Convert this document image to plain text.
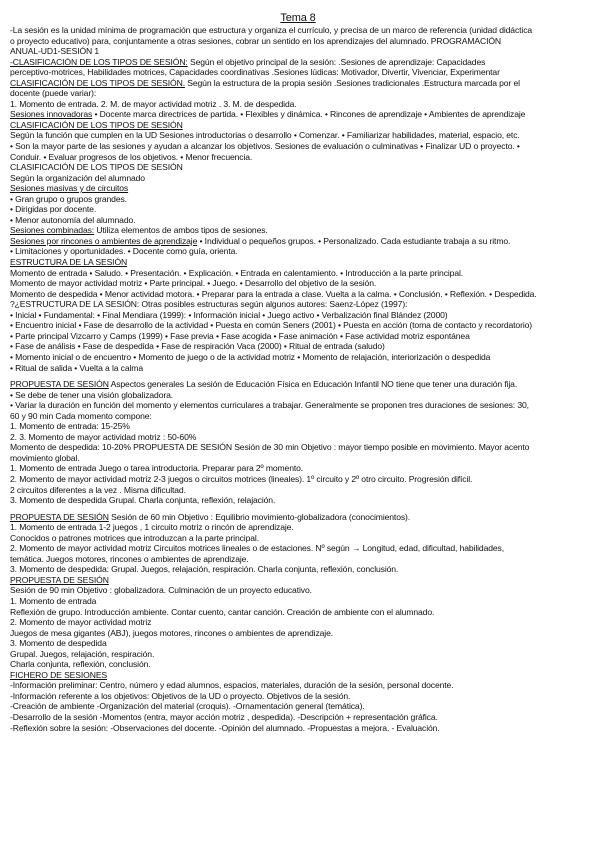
Tema 8
-La sesión es la unidad mínima de programación que estructura y organiza el currículo, y precisa de un marco de referencia (unidad didáctica
o proyecto educativo) para, conjuntamente a otras sesiones, cobrar un sentido en los aprendizajes del alumnado. PROGRAMACIÓN
ANUAL-UD1-SESIÓN 1
-CLASIFICACIÓN DE LOS TIPOS DE SESIÓN: Según el objetivo principal de la sesión: .Sesiones de aprendizaje: Capacidades
perceptivo-motrices, Habilidades motrices, Capacidades coordinativas .Sesiones lúdicas: Motivador, Divertir, Vivenciar, Experimentar
CLASIFICACIÓN DE LOS TIPOS DE SESIÓN. Según la estructura de la propia sesión .Sesiones tradicionales .Estructura marcada por el
docente (puede variar):
1. Momento de entrada. 2. M. de mayor actividad motriz . 3. M. de despedida.
Sesiones innovadoras • Docente marca directrices de partida. • Flexibles y dinámica. • Rincones de aprendizaje • Ambientes de aprendizaje
CLASIFICACIÓN DE LOS TIPOS DE SESIÓN
Según la función que cumplen en la UD Sesiones introductorias o desarrollo • Comenzar. • Familiarizar habilidades, material, espacio, etc.
• Son la mayor parte de las sesiones y ayudan a alcanzar los objetivos. Sesiones de evaluación o culminativas • Finalizar UD o proyecto. •
Conduir. • Evaluar progresos de los objetivos. • Menor frecuencia.
CLASIFICACIÓN DE LOS TIPOS DE SESIÓN
Según la organización del alumnado
Sesiones masivas y de circuitos
• Gran grupo o grupos grandes.
• Dirigidas por docente.
• Menor autonomía del alumnado.
Sesiones combinadas: Utiliza elementos de ambos tipos de sesiones.
Sesiones por rincones o ambientes de aprendizaje • Individual o pequeños grupos. • Personalizado. Cada estudiante trabaja a su ritmo.
• Limitaciones y oportunidades. • Docente como guía, orienta.
ESTRUCTURA DE LA SESIÓN
Momento de entrada • Saludo. • Presentación. • Explicación. • Entrada en calentamiento. • Introducción a la parte principal.
Momento de mayor actividad motriz • Parte principal. • Juego. • Desarrollo del objetivo de la sesión.
Momento de despedida • Menor actividad motora. • Preparar para la entrada a clase. Vuelta a la calma. • Conclusión. • Reflexión. • Despedida.
?¿ESTRUCTURA DE LA SESIÓN: Otras posibles estructuras según algunos autores: Saenz-López (1997):
• Inicial • Fundamental: • Final Mendiara (1999): • Información inicial • Juego activo • Verbalización final Blández (2000)
• Encuentro inicial • Fase de desarrollo de la actividad • Puesta en común Seners (2001) • Puesta en acción (toma de contacto y recordatorio)
• Parte principal Vizcarro y Camps (1999) • Fase previa • Fase acogida • Fase animación • Fase actividad motriz espontánea
• Fase de análisis • Fase de despedida • Fase de respiración Vaca (2000) • Ritual de entrada (saludo)
• Momento inicial o de encuentro • Momento de juego o de la actividad motriz • Momento de relajación, interiorización o despedida
• Ritual de salida • Vuelta a la calma
PROPUESTA DE SESIÓN Aspectos generales La sesión de Educación Física en Educación Infantil NO tiene que tener una duración fija.
• Se debe de tener una visión globalizadora.
• Variar la duración en función del momento y elementos curriculares a trabajar. Generalmente se proponen tres duraciones de sesiones: 30,
60 y 90 min Cada momento compone:
1. Momento de entrada: 15-25%
2. 3. Momento de mayor actividad motriz : 50-60%
Momento de despedida: 10-20% PROPUESTA DE SESIÓN Sesión de 30 min Objetivo : mayor tiempo posible en movimiento. Mayor acento
movimiento global.
1. Momento de entrada Juego o tarea introductoria. Preparar para 2º momento.
2. Momento de mayor actividad motriz 2-3 juegos o circuitos motrices (lineales). 1º circuito y 2º otro circuito. Progresión difícil.
2 circuitos diferentes a la vez . Misma dificultad.
3. Momento de despedida Grupal. Charla conjunta, reflexión, relajación.
PROPUESTA DE SESIÓN Sesión de 60 min Objetivo : Equilibrio movimiento-globalizadora (conocimientos).
1. Momento de entrada 1-2 juegos , 1 circuito motriz o rincón de aprendizaje.
Conocidos o patrones motrices que introduzcan a la parte principal.
2. Momento de mayor actividad motriz Circuitos motrices lineales o de estaciones. Nº según → Longitud, edad, dificultad, habilidades,
temática. Juegos motores, rincones o ambientes de aprendizaje.
3. Momento de despedida: Grupal. Juegos, relajación, respiración. Charla conjunta, reflexión, conclusión.
PROPUESTA DE SESIÓN
Sesión de 90 min Objetivo : globalizadora. Culminación de un proyecto educativo.
1. Momento de entrada
Reflexión de grupo. Introducción ambiente. Contar cuento, cantar canción. Creación de ambiente con el alumnado.
2. Momento de mayor actividad motriz
Juegos de mesa gigantes (ABJ), juegos motores, rincones o ambientes de aprendizaje.
3. Momento de despedida
Grupal. Juegos, relajación, respiración.
Charla conjunta, reflexión, conclusión.
FICHERO DE SESIONES
-Información preliminar: Centro, número y edad alumnos, espacios, materiales, duración de la sesión, personal docente.
-Información referente a los objetivos: Objetivos de la UD o proyecto. Objetivos de la sesión.
-Creación de ambiente -Organización del material (croquis). -Ornamentación general (temática).
-Desarrollo de la sesión -Momentos (entra, mayor acción motriz , despedida). -Descripción + representación gráfica.
-Reflexión sobre la sesión: -Observaciones del docente. -Opinión del alumnado. -Propuestas a mejora. - Evaluación.
